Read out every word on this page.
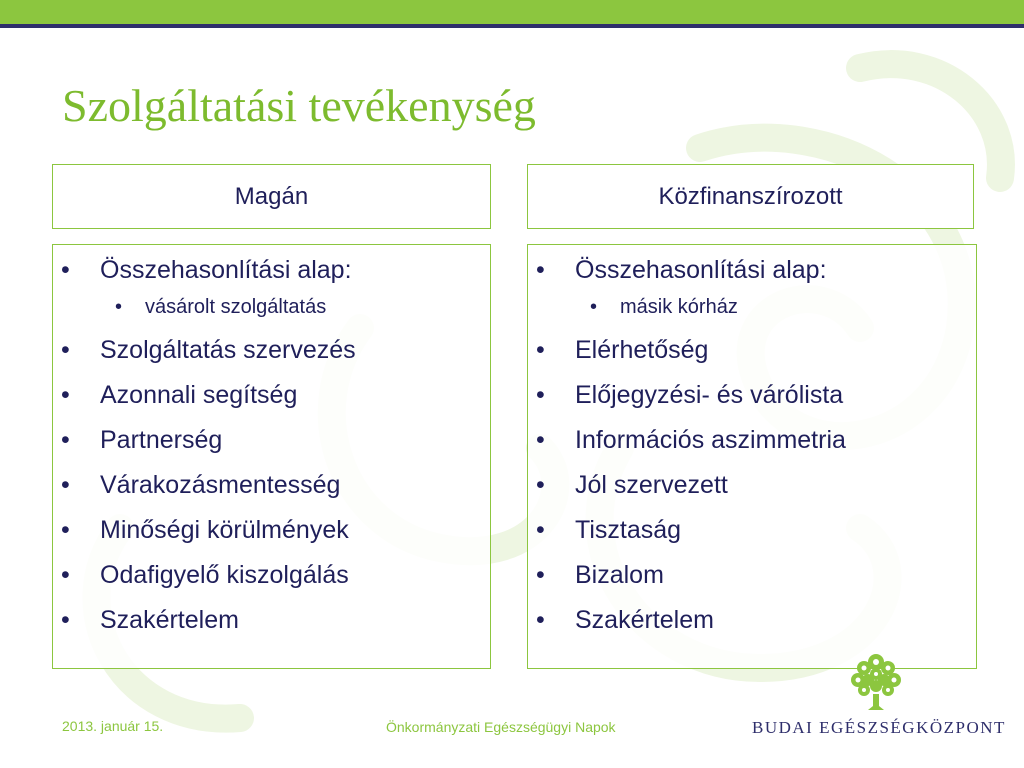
Szolgáltatási tevékenység
Magán	Közfinanszírozott
• Összehasonlítási alap:
• vásárolt szolgáltatás
• Szolgáltatás szervezés
• Azonnali segítség
• Partnerség
• Várakozásmentesség
• Minőségi körülmények
• Odafigyelő kiszolgálás
• Szakértelem
• Összehasonlítási alap:
• másik kórház
• Elérhetőség
• Előjegyzési- és várólista
• Információs aszimmetria
• Jól szervezett
• Tisztaság
• Bizalom
• Szakértelem
2013. január 15.	Önkormányzati Egészségügyi Napok	BUDAI EGÉSZSÉGKÖZPONT
